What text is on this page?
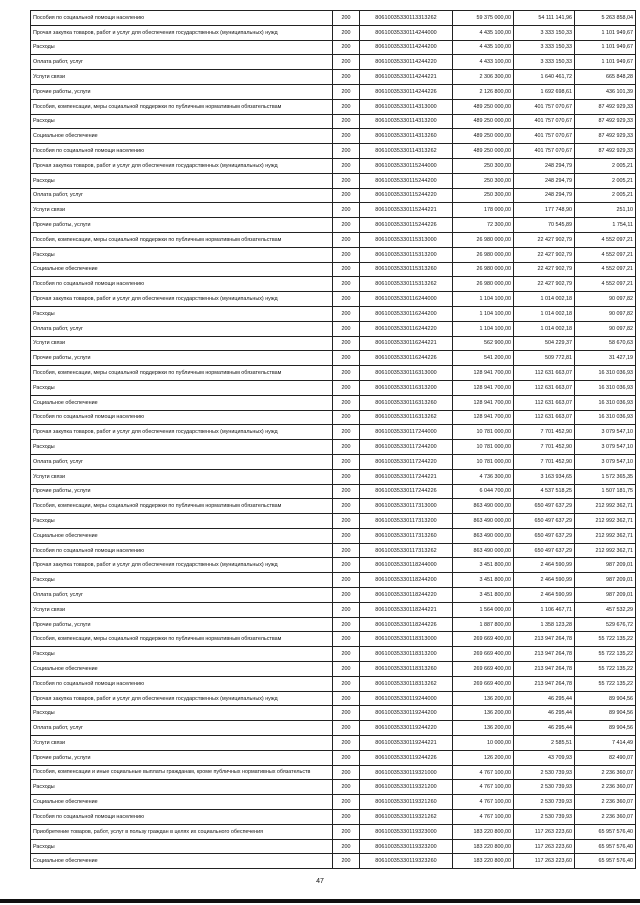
Пособия по социальной помощи населению	200	80610035330113313262	59 375 000,00	54 111 141,96	5 263 858,04
Прочая закупка товаров, работ и услуг для обеспечения государственных (муниципальных) нужд	200	80610035330114244000	4 435 100,00	3 333 150,33	1 101 949,67
Расходы	200	80610035330114244200	4 435 100,00	3 333 150,33	1 101 949,67
Оплата работ, услуг	200	80610035330114244220	4 433 100,00	3 333 150,33	1 101 949,67
Услуги связи	200	80610035330114244221	2 306 300,00	1 640 461,72	665 848,28
Прочие работы, услуги	200	80610035330114244226	2 126 800,00	1 692 698,61	436 101,39
Пособия, компенсации, меры социальной поддержки по публичным нормативным обязательствам	200	80610035330114313000	489 250 000,00	401 757 070,67	87 492 929,33
Расходы	200	80610035330114313200	489 250 000,00	401 757 070,67	87 492 929,33
Социальное обеспечение	200	80610035330114313260	489 250 000,00	401 757 070,67	87 492 929,33
Пособия по социальной помощи населению	200	80610035330114313262	489 250 000,00	401 757 070,67	87 492 929,33
Прочая закупка товаров, работ и услуг для обеспечения государственных (муниципальных) нужд	200	80610035330115244000	250 300,00	248 294,79	2 005,21
Расходы	200	80610035330115244200	250 300,00	248 294,79	2 005,21
Оплата работ, услуг	200	80610035330115244220	250 300,00	248 294,79	2 005,21
Услуги связи	200	80610035330115244221	178 000,00	177 748,90	251,10
Прочие работы, услуги	200	80610035330115244226	72 300,00	70 545,89	1 754,11
Пособия, компенсации, меры социальной поддержки по публичным нормативным обязательствам	200	80610035330115313000	26 980 000,00	22 427 902,79	4 552 097,21
Расходы	200	80610035330115313200	26 980 000,00	22 427 902,79	4 552 097,21
Социальное обеспечение	200	80610035330115313260	26 980 000,00	22 427 902,79	4 552 097,21
Пособия по социальной помощи населению	200	80610035330115313262	26 980 000,00	22 427 902,79	4 552 097,21
Прочая закупка товаров, работ и услуг для обеспечения государственных (муниципальных) нужд	200	80610035330116244000	1 104 100,00	1 014 002,18	90 097,82
Расходы	200	80610035330116244200	1 104 100,00	1 014 002,18	90 097,82
Оплата работ, услуг	200	80610035330116244220	1 104 100,00	1 014 002,18	90 097,82
Услуги связи	200	80610035330116244221	562 900,00	504 229,37	58 670,63
Прочие работы, услуги	200	80610035330116244226	541 200,00	509 772,81	31 427,19
Пособия, компенсации, меры социальной поддержки по публичным нормативным обязательствам	200	80610035330116313000	128 941 700,00	112 631 663,07	16 310 036,93
Расходы	200	80610035330116313200	128 941 700,00	112 631 663,07	16 310 036,93
Социальное обеспечение	200	80610035330116313260	128 941 700,00	112 631 663,07	16 310 036,93
Пособия по социальной помощи населению	200	80610035330116313262	128 941 700,00	112 631 663,07	16 310 036,93
Прочая закупка товаров, работ и услуг для обеспечения государственных (муниципальных) нужд	200	80610035330117244000	10 781 000,00	7 701 452,90	3 079 547,10
Расходы	200	80610035330117244200	10 781 000,00	7 701 452,90	3 079 547,10
Оплата работ, услуг	200	80610035330117244220	10 781 000,00	7 701 452,90	3 079 547,10
Услуги связи	200	80610035330117244221	4 736 300,00	3 163 934,65	1 572 365,35
Прочие работы, услуги	200	80610035330117244226	6 044 700,00	4 537 518,25	1 507 181,75
Пособия, компенсации, меры социальной поддержки по публичным нормативным обязательствам	200	80610035330117313000	863 490 000,00	650 497 637,29	212 992 362,71
Расходы	200	80610035330117313200	863 490 000,00	650 497 637,29	212 992 362,71
Социальное обеспечение	200	80610035330117313260	863 490 000,00	650 497 637,29	212 992 362,71
Пособия по социальной помощи населению	200	80610035330117313262	863 490 000,00	650 497 637,29	212 992 362,71
Прочая закупка товаров, работ и услуг для обеспечения государственных (муниципальных) нужд	200	80610035330118244000	3 451 800,00	2 464 590,99	987 209,01
Расходы	200	80610035330118244200	3 451 800,00	2 464 590,99	987 209,01
Оплата работ, услуг	200	80610035330118244220	3 451 800,00	2 464 590,99	987 209,01
Услуги связи	200	80610035330118244221	1 564 000,00	1 106 467,71	457 532,29
Прочие работы, услуги	200	80610035330118244226	1 887 800,00	1 358 123,28	529 676,72
Пособия, компенсации, меры социальной поддержки по публичным нормативным обязательствам	200	80610035330118313000	269 669 400,00	213 947 264,78	55 722 135,22
Расходы	200	80610035330118313200	269 669 400,00	213 947 264,78	55 722 135,22
Социальное обеспечение	200	80610035330118313260	269 669 400,00	213 947 264,78	55 722 135,22
Пособия по социальной помощи населению	200	80610035330118313262	269 669 400,00	213 947 264,78	55 722 135,22
Прочая закупка товаров, работ и услуг для обеспечения государственных (муниципальных) нужд	200	80610035330119244000	136 200,00	46 295,44	89 904,56
Расходы	200	80610035330119244200	136 200,00	46 295,44	89 904,56
Оплата работ, услуг	200	80610035330119244220	136 200,00	46 295,44	89 904,56
Услуги связи	200	80610035330119244221	10 000,00	2 585,51	7 414,49
Прочие работы, услуги	200	80610035330119244226	126 200,00	43 709,93	82 490,07
Пособия, компенсации и иные социальные выплаты гражданам, кроме публичных нормативных обязательств	200	80610035330119321000	4 767 100,00	2 530 739,93	2 236 360,07
Расходы	200	80610035330119321200	4 767 100,00	2 530 739,93	2 236 360,07
Социальное обеспечение	200	80610035330119321260	4 767 100,00	2 530 739,93	2 236 360,07
Пособия по социальной помощи населению	200	80610035330119321262	4 767 100,00	2 530 739,93	2 236 360,07
Приобретение товаров, работ, услуг в пользу граждан в целях их социального обеспечения	200	80610035330119323000	183 220 800,00	117 263 223,60	65 957 576,40
Расходы	200	80610035330119323200	183 220 800,00	117 263 223,60	65 957 576,40
Социальное обеспечение	200	80610035330119323260	183 220 800,00	117 263 223,60	65 957 576,40
47
